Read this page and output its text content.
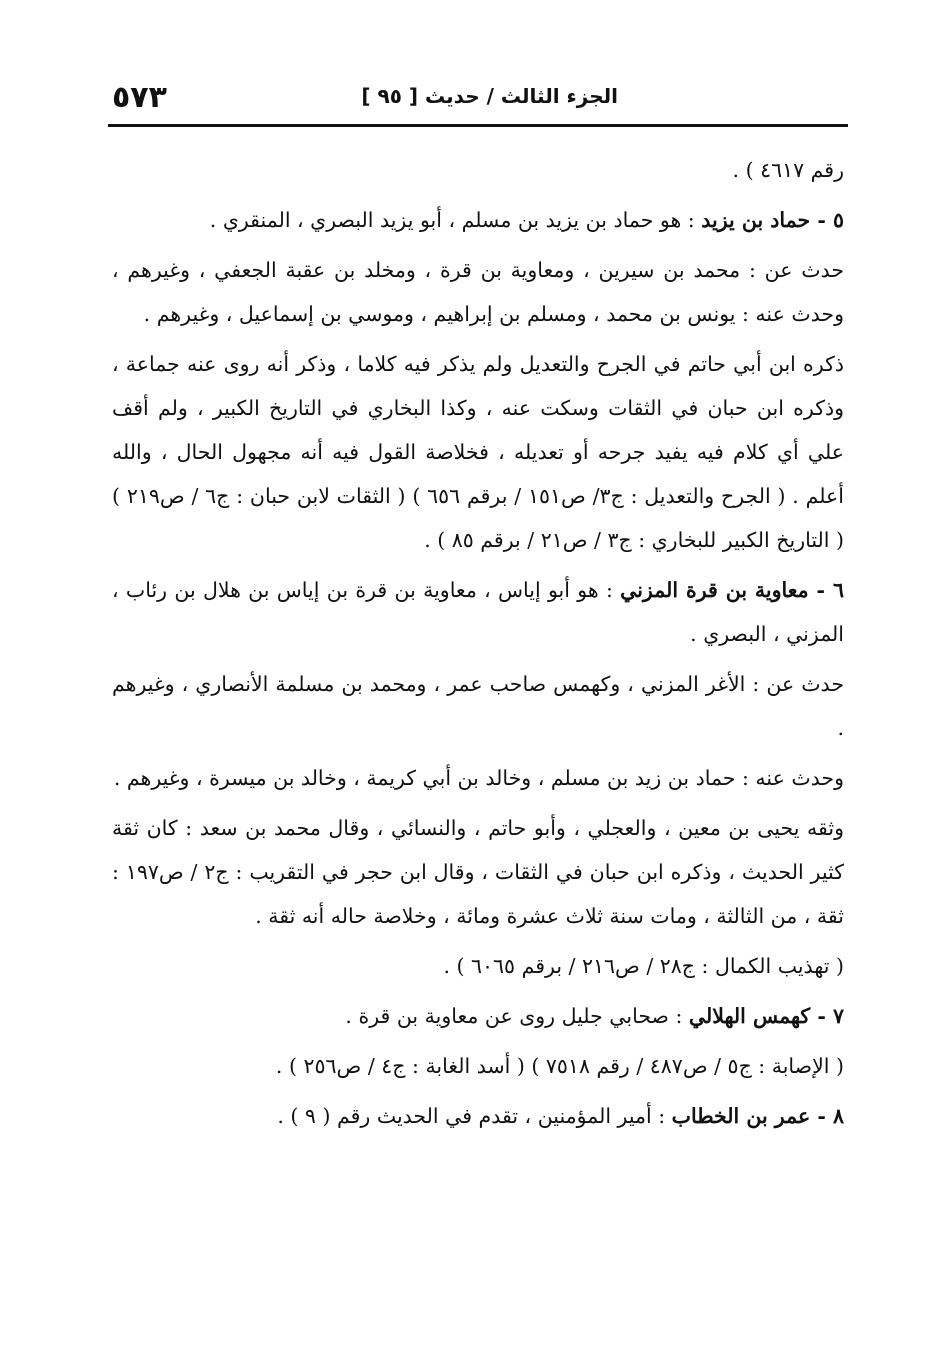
الجزء الثالث / حديث [ ٩٥ ]
٥٧٣

رقم ٤٦١٧ ) .

٥ - حماد بن يزيد : هو حماد بن يزيد بن مسلم ، أبو يزيد البصري ، المنقري .

حدث عن : محمد بن سيرين ، ومعاوية بن قرة ، ومخلد بن عقبة الجعفي ، وغيرهم ، وحدث عنه : يونس بن محمد ، ومسلم بن إبراهيم ، وموسي بن إسماعيل ، وغيرهم .

ذكره ابن أبي حاتم في الجرح والتعديل ولم يذكر فيه كلاما ، وذكر أنه روى عنه جماعة ، وذكره ابن حبان في الثقات وسكت عنه ، وكذا البخاري في التاريخ الكبير ، ولم أقف علي أي كلام فيه يفيد جرحه أو تعديله ، فخلاصة القول فيه أنه مجهول الحال ، والله أعلم . ( الجرح والتعديل : ج٣/ ص١٥١ / برقم ٦٥٦ ) ( الثقات لابن حبان : ج٦ / ص٢١٩ ) ( التاريخ الكبير للبخاري : ج٣ / ص٢١ / برقم ٨٥ ) .

٦ - معاوية بن قرة المزني : هو أبو إياس ، معاوية بن قرة بن إياس بن هلال بن رئاب ، المزني ، البصري .

حدث عن : الأغر المزني ، وكهمس صاحب عمر ، ومحمد بن مسلمة الأنصاري ، وغيرهم .

وحدث عنه : حماد بن زيد بن مسلم ، وخالد بن أبي كريمة ، وخالد بن ميسرة ، وغيرهم .

وثقه يحيى بن معين ، والعجلي ، وأبو حاتم ، والنسائي ، وقال محمد بن سعد : كان ثقة كثير الحديث ، وذكره ابن حبان في الثقات ، وقال ابن حجر في التقريب : ج٢ / ص١٩٧ : ثقة ، من الثالثة ، ومات سنة ثلاث عشرة ومائة ، وخلاصة حاله أنه ثقة .

( تهذيب الكمال : ج٢٨ / ص٢١٦ / برقم ٦٠٦٥ ) .

٧ - كهمس الهلالي : صحابي جليل روى عن معاوية بن قرة .

( الإصابة : ج٥ / ص٤٨٧ / رقم ٧٥١٨ ) ( أسد الغابة : ج٤ / ص٢٥٦ ) .

٨ - عمر بن الخطاب : أمير المؤمنين ، تقدم في الحديث رقم ( ٩ ) .
